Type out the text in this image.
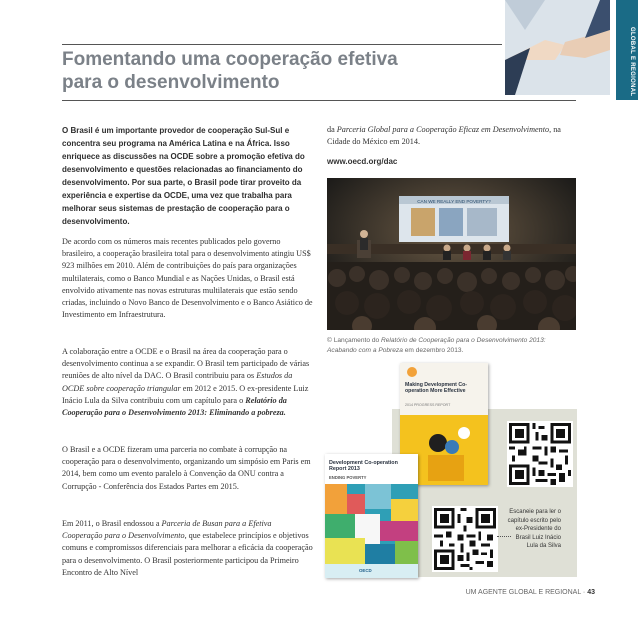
GLOBAL E REGIONAL
Fomentando uma cooperação efetiva
para o desenvolvimento

O Brasil é um importante provedor de cooperação Sul-Sul e concentra seu programa na América Latina e na África. Isso enriquece as discussões na OCDE sobre a promoção efetiva do desenvolvimento e questões relacionadas ao financiamento do desenvolvimento. Por sua parte, o Brasil pode tirar proveito da experiência e expertise da OCDE, uma vez que trabalha para melhorar seus sistemas de prestação de cooperação para o desenvolvimento.

De acordo com os números mais recentes publicados pelo governo brasileiro, a cooperação brasileira total para o desenvolvimento atingiu US$ 923 milhões em 2010. Além de contribuições do país para organizações multilaterais, como o Banco Mundial e as Nações Unidas, o Brasil está envolvido ativamente nas novas estruturas multilaterais que estão sendo criadas, incluindo o Novo Banco de Desenvolvimento e o Banco Asiático de Investimento em Infraestrutura.

A colaboração entre a OCDE e o Brasil na área da cooperação para o desenvolvimento continua a se expandir. O Brasil tem participado de várias reuniões de alto nível da DAC. O Brasil contribuiu para os Estudos da OCDE sobre cooperação triangular em 2012 e 2015. O ex-presidente Luiz Inácio Lula da Silva contribuiu com um capítulo para o Relatório da Cooperação para o Desenvolvimento 2013: Eliminando a pobreza.

O Brasil e a OCDE fizeram uma parceria no combate à corrupção na cooperação para o desenvolvimento, organizando um simpósio em Paris em 2014, bem como um evento paralelo à Convenção da ONU contra a Corrupção - Conferência dos Estados Partes em 2015.

Em 2011, o Brasil endossou a Parceria de Busan para a Efetiva Cooperação para o Desenvolvimento, que estabelece princípios e objetivos comuns e compromissos diferenciais para melhorar a eficácia da cooperação para o desenvolvimento. O Brasil posteriormente participou da Primeiro Encontro de Alto Nível

da Parceria Global para a Cooperação Eficaz em Desenvolvimento, na Cidade do México em 2014.

www.oecd.org/dac
CAN WE REALLY END POVERTY?

© Lançamento do Relatório de Cooperação para o Desenvolvimento 2013: Acabando com a Pobreza em dezembro 2013.

Making Development Co-operation More Effective
2014 PROGRESS REPORT
Development Co-operation Report 2013
ENDING POVERTY
OECD

Escaneie para ler o capítulo escrito pelo ex-Presidente do Brasil Luiz Inácio Lula da Silva

UM AGENTE GLOBAL E REGIONAL · 43
